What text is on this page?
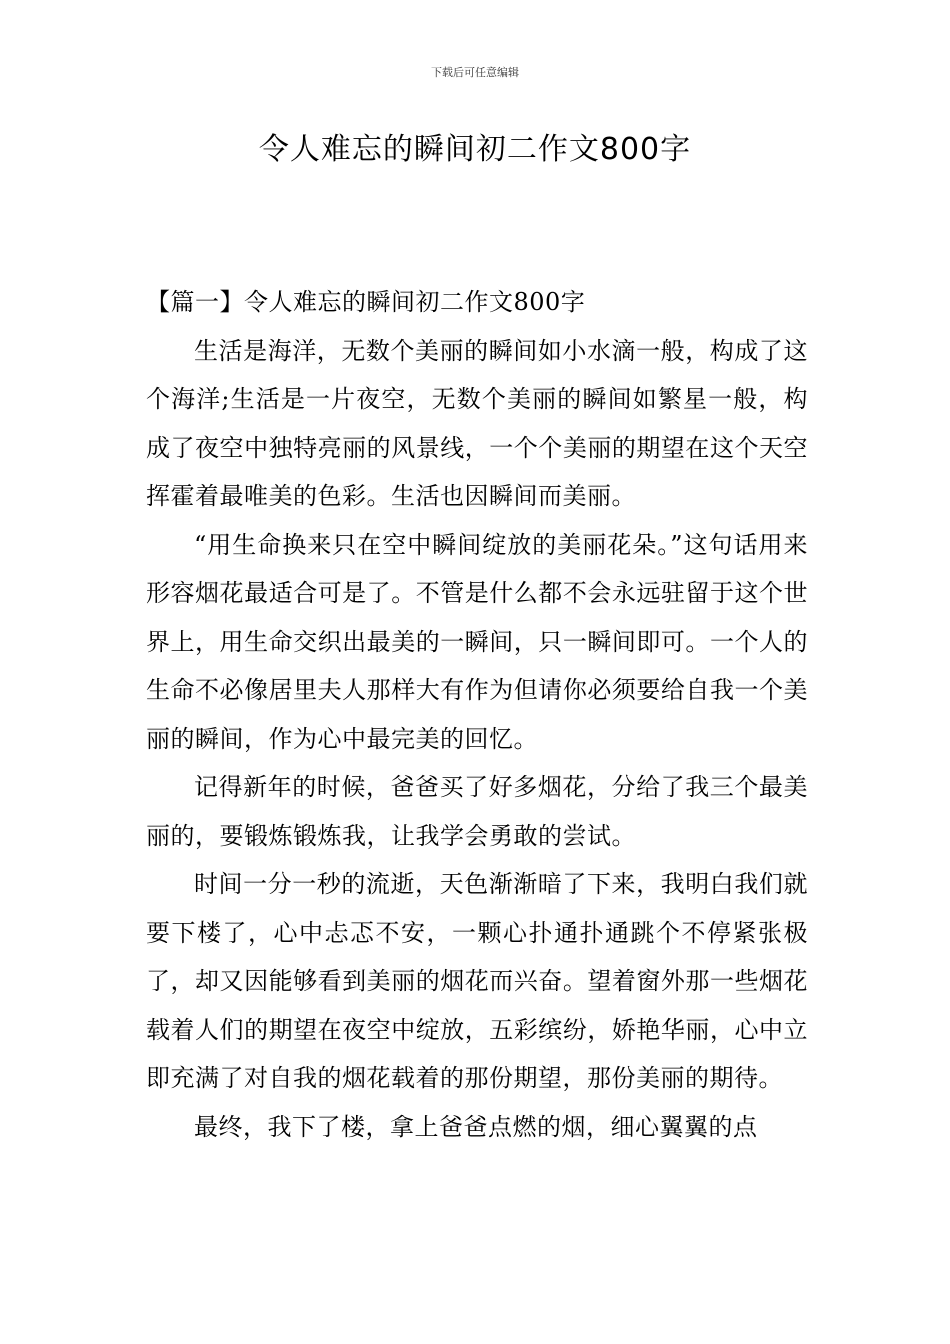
下载后可任意编辑
令人难忘的瞬间初二作文800字

【篇一】令人难忘的瞬间初二作文800字

生活是海洋，无数个美丽的瞬间如小水滴一般，构成了这个海洋;生活是一片夜空，无数个美丽的瞬间如繁星一般，构成了夜空中独特亮丽的风景线，一个个美丽的期望在这个天空挥霍着最唯美的色彩。生活也因瞬间而美丽。

“用生命换来只在空中瞬间绽放的美丽花朵。”这句话用来形容烟花最适合可是了。不管是什么都不会永远驻留于这个世界上，用生命交织出最美的一瞬间，只一瞬间即可。一个人的生命不必像居里夫人那样大有作为但请你必须要给自我一个美丽的瞬间，作为心中最完美的回忆。

记得新年的时候，爸爸买了好多烟花，分给了我三个最美丽的，要锻炼锻炼我，让我学会勇敢的尝试。

时间一分一秒的流逝，天色渐渐暗了下来，我明白我们就要下楼了，心中忐忑不安，一颗心扑通扑通跳个不停紧张极了，却又因能够看到美丽的烟花而兴奋。望着窗外那一些烟花载着人们的期望在夜空中绽放，五彩缤纷，娇艳华丽，心中立即充满了对自我的烟花载着的那份期望，那份美丽的期待。

最终，我下了楼，拿上爸爸点燃的烟，细心翼翼的点
